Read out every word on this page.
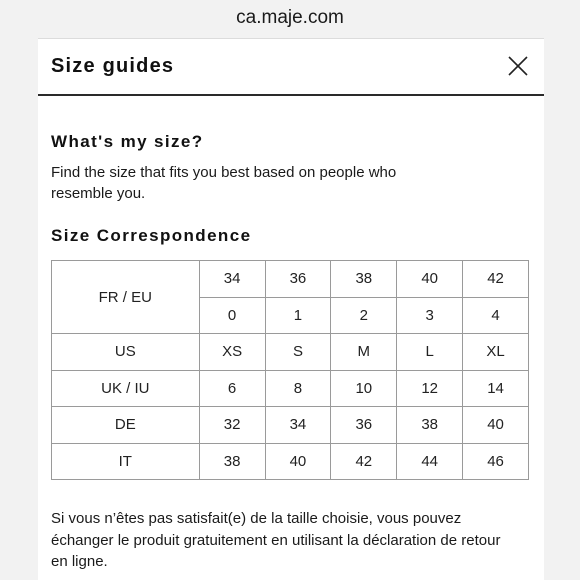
ca.maje.com
Size guides
What's my size?
Find the size that fits you best based on people who resemble you.
Size Correspondence
FR / EU	34	36	38	40	42
	0	1	2	3	4
US	XS	S	M	L	XL
UK / IU	6	8	10	12	14
DE	32	34	36	38	40
IT	38	40	42	44	46
Si vous n’êtes pas satisfait(e) de la taille choisie, vous pouvez échanger le produit gratuitement en utilisant la déclaration de retour en ligne.
